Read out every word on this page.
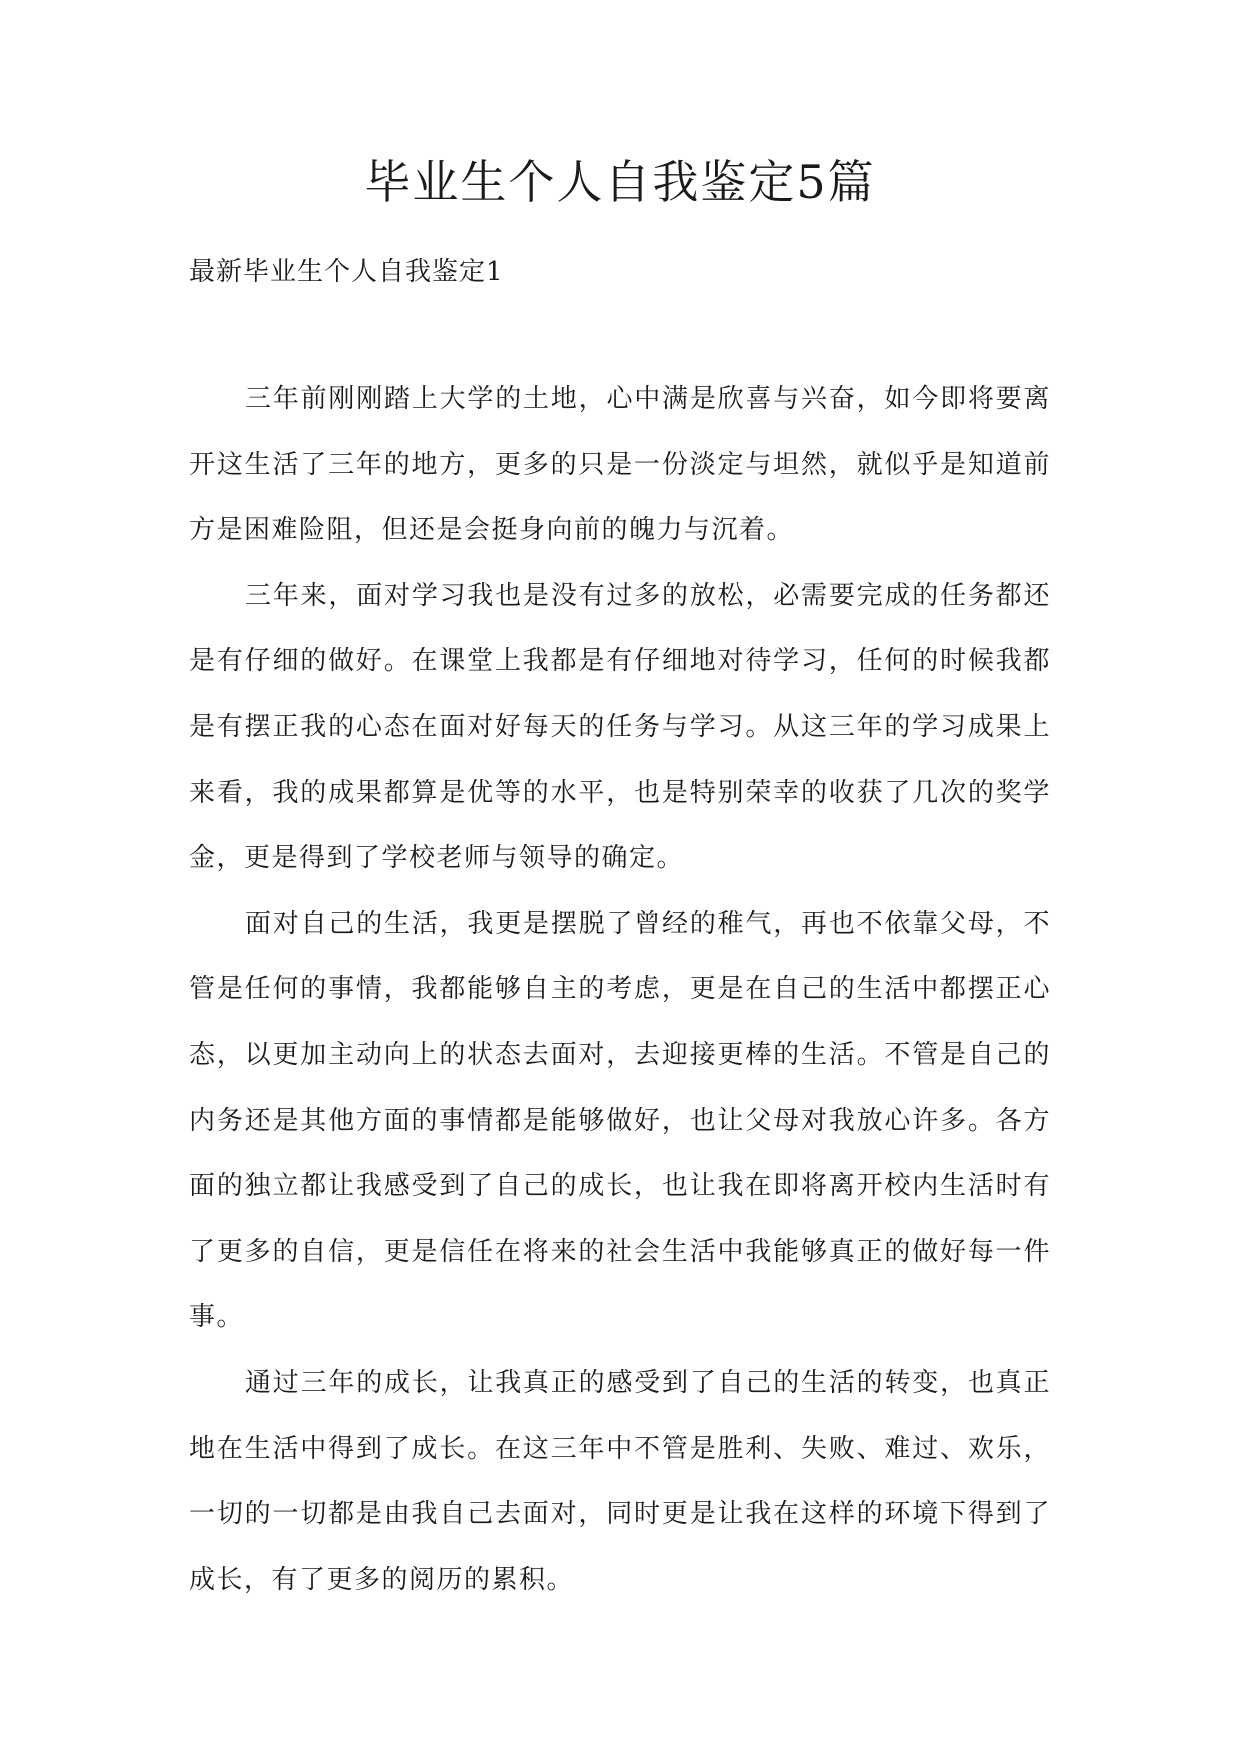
毕业生个人自我鉴定5篇
最新毕业生个人自我鉴定1

三年前刚刚踏上大学的土地，心中满是欣喜与兴奋，如今即将要离开这生活了三年的地方，更多的只是一份淡定与坦然，就似乎是知道前方是困难险阻，但还是会挺身向前的魄力与沉着。

三年来，面对学习我也是没有过多的放松，必需要完成的任务都还是有仔细的做好。在课堂上我都是有仔细地对待学习，任何的时候我都是有摆正我的心态在面对好每天的任务与学习。从这三年的学习成果上来看，我的成果都算是优等的水平，也是特别荣幸的收获了几次的奖学金，更是得到了学校老师与领导的确定。

面对自己的生活，我更是摆脱了曾经的稚气，再也不依靠父母，不管是任何的事情，我都能够自主的考虑，更是在自己的生活中都摆正心态，以更加主动向上的状态去面对，去迎接更棒的生活。不管是自己的内务还是其他方面的事情都是能够做好，也让父母对我放心许多。各方面的独立都让我感受到了自己的成长，也让我在即将离开校内生活时有了更多的自信，更是信任在将来的社会生活中我能够真正的做好每一件事。

通过三年的成长，让我真正的感受到了自己的生活的转变，也真正地在生活中得到了成长。在这三年中不管是胜利、失败、难过、欢乐，一切的一切都是由我自己去面对，同时更是让我在这样的环境下得到了成长，有了更多的阅历的累积。
